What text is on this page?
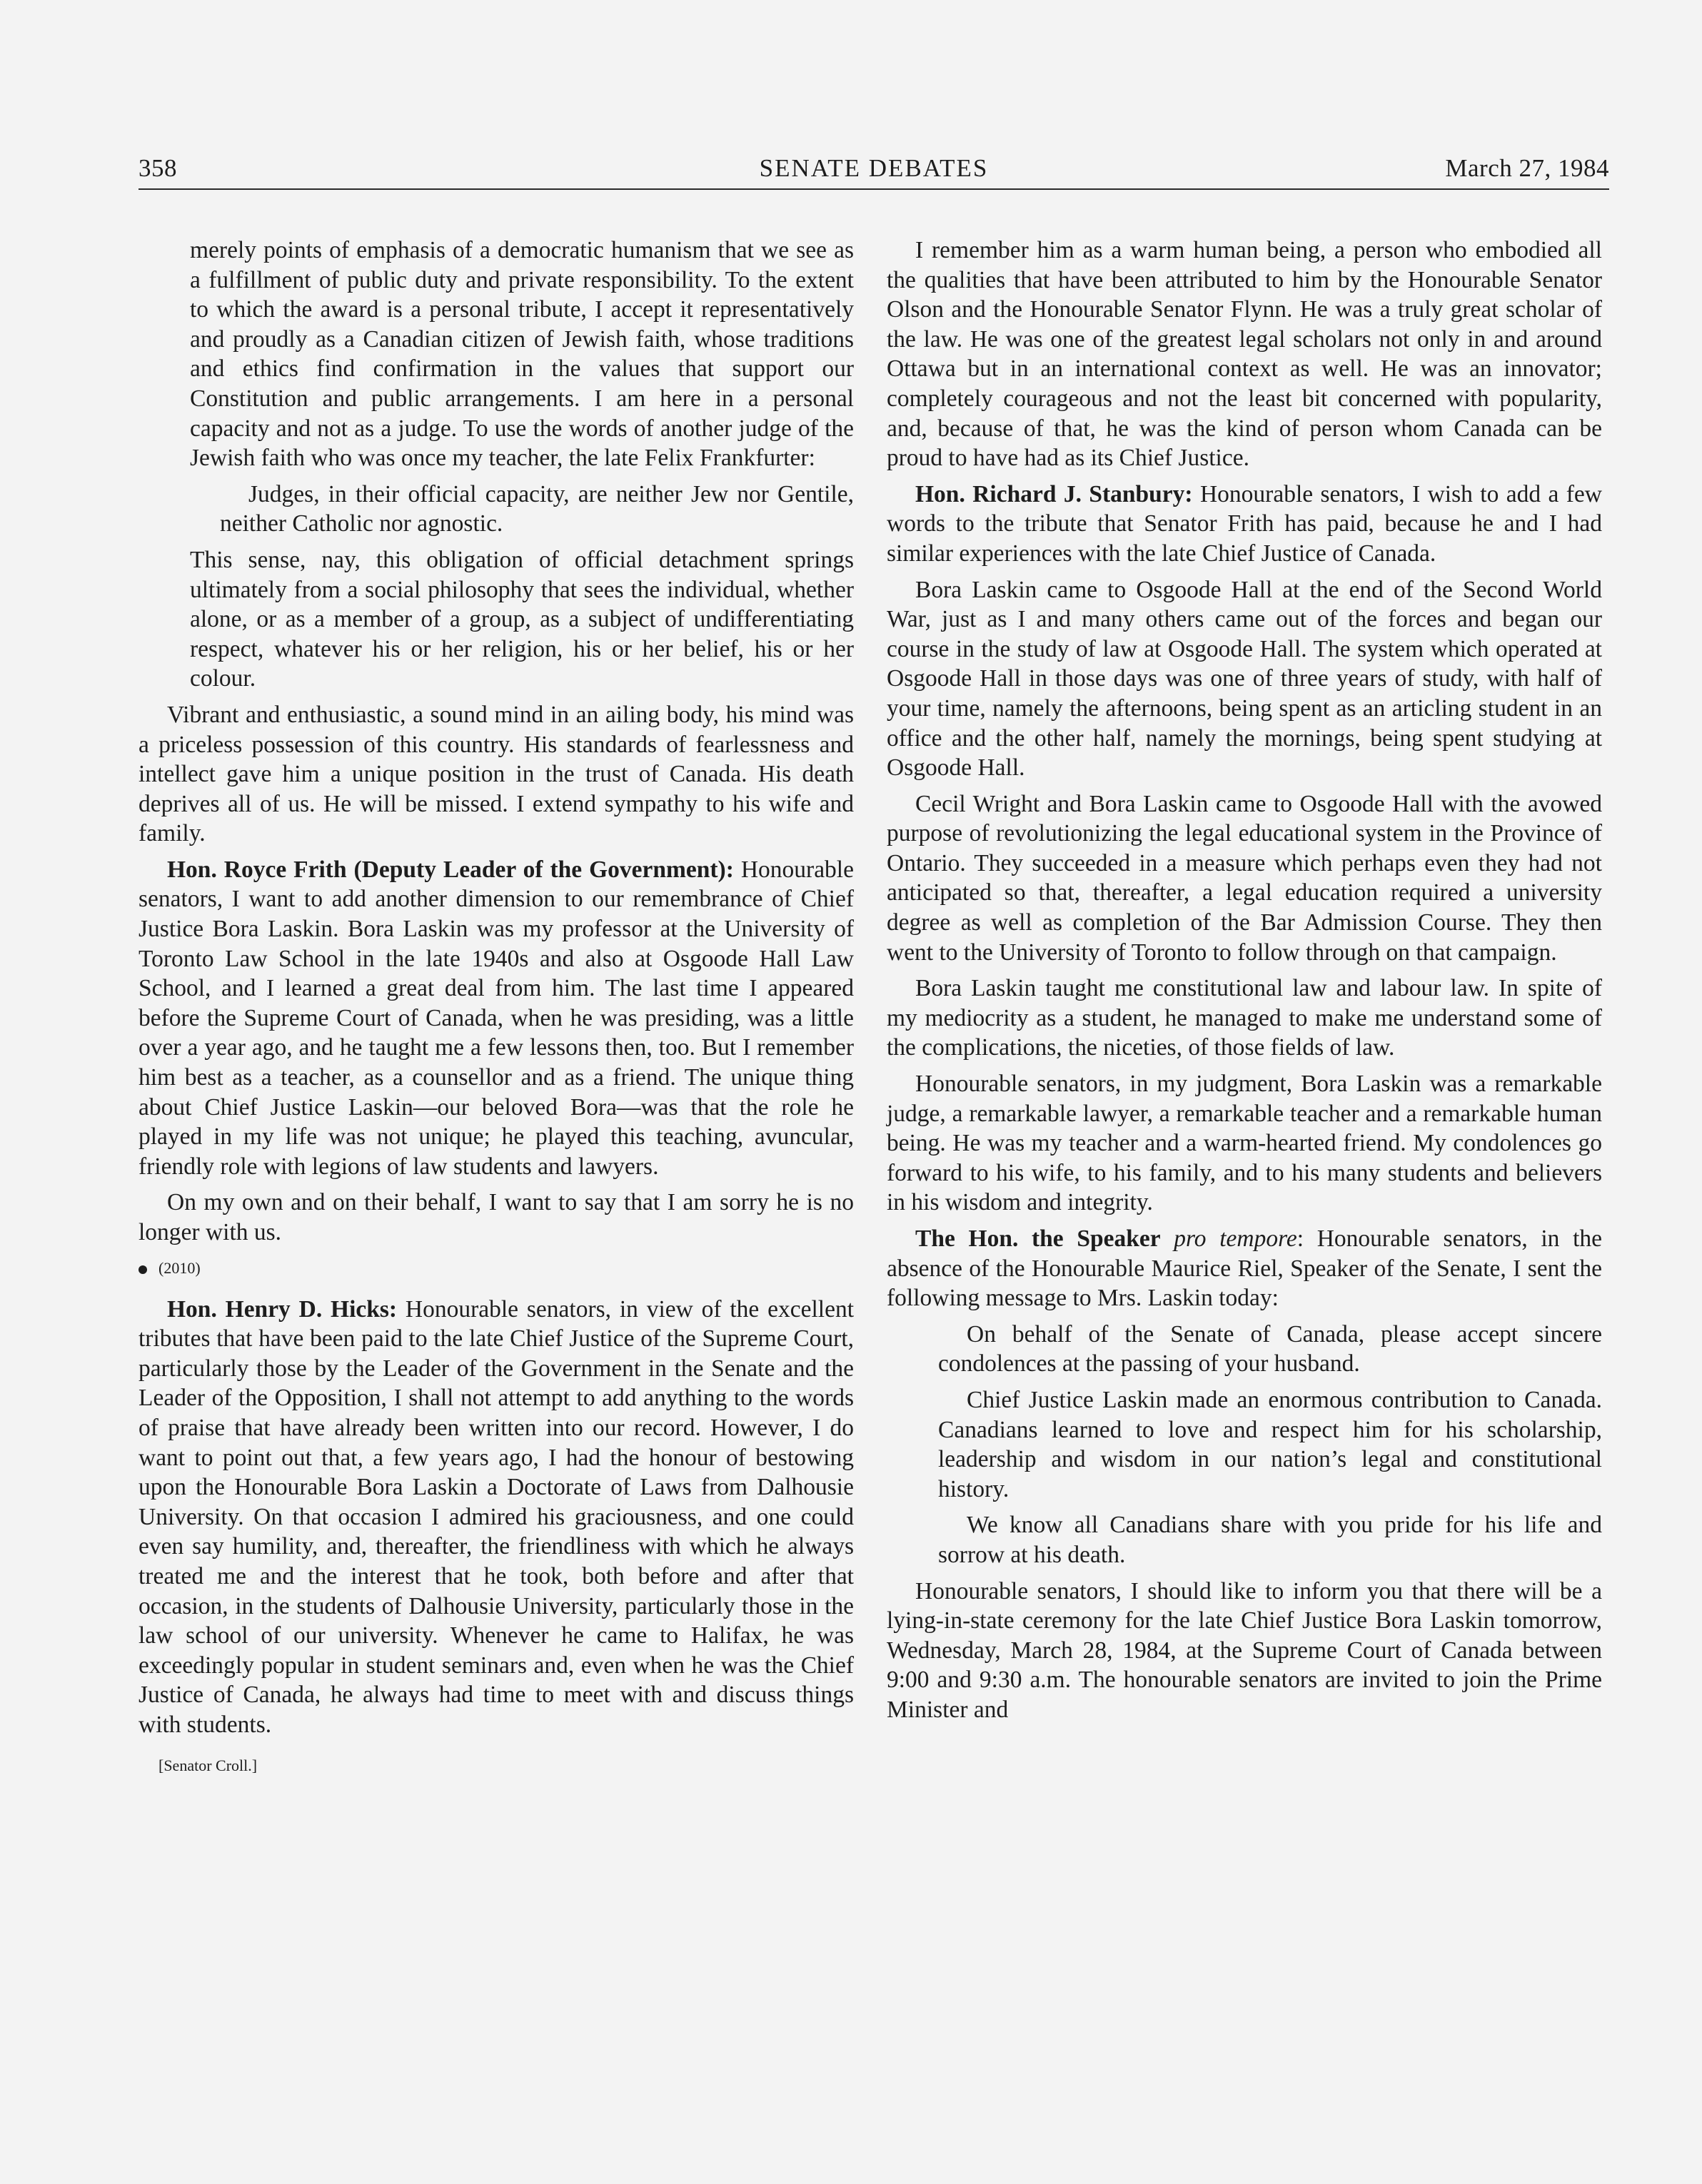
358	SENATE DEBATES	March 27, 1984

merely points of emphasis of a democratic humanism that we see as a fulfillment of public duty and private responsibility. To the extent to which the award is a personal tribute, I accept it representatively and proudly as a Canadian citizen of Jewish faith, whose traditions and ethics find confirmation in the values that support our Constitution and public arrangements. I am here in a personal capacity and not as a judge. To use the words of another judge of the Jewish faith who was once my teacher, the late Felix Frankfurter:

Judges, in their official capacity, are neither Jew nor Gentile, neither Catholic nor agnostic.

This sense, nay, this obligation of official detachment springs ultimately from a social philosophy that sees the individual, whether alone, or as a member of a group, as a subject of undifferentiating respect, whatever his or her religion, his or her belief, his or her colour.

Vibrant and enthusiastic, a sound mind in an ailing body, his mind was a priceless possession of this country. His standards of fearlessness and intellect gave him a unique position in the trust of Canada. His death deprives all of us. He will be missed. I extend sympathy to his wife and family.

Hon. Royce Frith (Deputy Leader of the Government): Honourable senators, I want to add another dimension to our remembrance of Chief Justice Bora Laskin. Bora Laskin was my professor at the University of Toronto Law School in the late 1940s and also at Osgoode Hall Law School, and I learned a great deal from him. The last time I appeared before the Supreme Court of Canada, when he was presiding, was a little over a year ago, and he taught me a few lessons then, too. But I remember him best as a teacher, as a counsellor and as a friend. The unique thing about Chief Justice Laskin—our beloved Bora—was that the role he played in my life was not unique; he played this teaching, avuncular, friendly role with legions of law students and lawyers.

On my own and on their behalf, I want to say that I am sorry he is no longer with us.

(2010)

Hon. Henry D. Hicks: Honourable senators, in view of the excellent tributes that have been paid to the late Chief Justice of the Supreme Court, particularly those by the Leader of the Government in the Senate and the Leader of the Opposition, I shall not attempt to add anything to the words of praise that have already been written into our record. However, I do want to point out that, a few years ago, I had the honour of bestowing upon the Honourable Bora Laskin a Doctorate of Laws from Dalhousie University. On that occasion I admired his graciousness, and one could even say humility, and, thereafter, the friendliness with which he always treated me and the interest that he took, both before and after that occasion, in the students of Dalhousie University, particularly those in the law school of our university. Whenever he came to Halifax, he was exceedingly popular in student seminars and, even when he was the Chief Justice of Canada, he always had time to meet with and discuss things with students.

[Senator Croll.]

I remember him as a warm human being, a person who embodied all the qualities that have been attributed to him by the Honourable Senator Olson and the Honourable Senator Flynn. He was a truly great scholar of the law. He was one of the greatest legal scholars not only in and around Ottawa but in an international context as well. He was an innovator; completely courageous and not the least bit concerned with popularity, and, because of that, he was the kind of person whom Canada can be proud to have had as its Chief Justice.

Hon. Richard J. Stanbury: Honourable senators, I wish to add a few words to the tribute that Senator Frith has paid, because he and I had similar experiences with the late Chief Justice of Canada.

Bora Laskin came to Osgoode Hall at the end of the Second World War, just as I and many others came out of the forces and began our course in the study of law at Osgoode Hall. The system which operated at Osgoode Hall in those days was one of three years of study, with half of your time, namely the afternoons, being spent as an articling student in an office and the other half, namely the mornings, being spent studying at Osgoode Hall.

Cecil Wright and Bora Laskin came to Osgoode Hall with the avowed purpose of revolutionizing the legal educational system in the Province of Ontario. They succeeded in a measure which perhaps even they had not anticipated so that, thereafter, a legal education required a university degree as well as completion of the Bar Admission Course. They then went to the University of Toronto to follow through on that campaign.

Bora Laskin taught me constitutional law and labour law. In spite of my mediocrity as a student, he managed to make me understand some of the complications, the niceties, of those fields of law.

Honourable senators, in my judgment, Bora Laskin was a remarkable judge, a remarkable lawyer, a remarkable teacher and a remarkable human being. He was my teacher and a warm-hearted friend. My condolences go forward to his wife, to his family, and to his many students and believers in his wisdom and integrity.

The Hon. the Speaker pro tempore: Honourable senators, in the absence of the Honourable Maurice Riel, Speaker of the Senate, I sent the following message to Mrs. Laskin today:

On behalf of the Senate of Canada, please accept sincere condolences at the passing of your husband.

Chief Justice Laskin made an enormous contribution to Canada. Canadians learned to love and respect him for his scholarship, leadership and wisdom in our nation’s legal and constitutional history.

We know all Canadians share with you pride for his life and sorrow at his death.

Honourable senators, I should like to inform you that there will be a lying-in-state ceremony for the late Chief Justice Bora Laskin tomorrow, Wednesday, March 28, 1984, at the Supreme Court of Canada between 9:00 and 9:30 a.m. The honourable senators are invited to join the Prime Minister and
